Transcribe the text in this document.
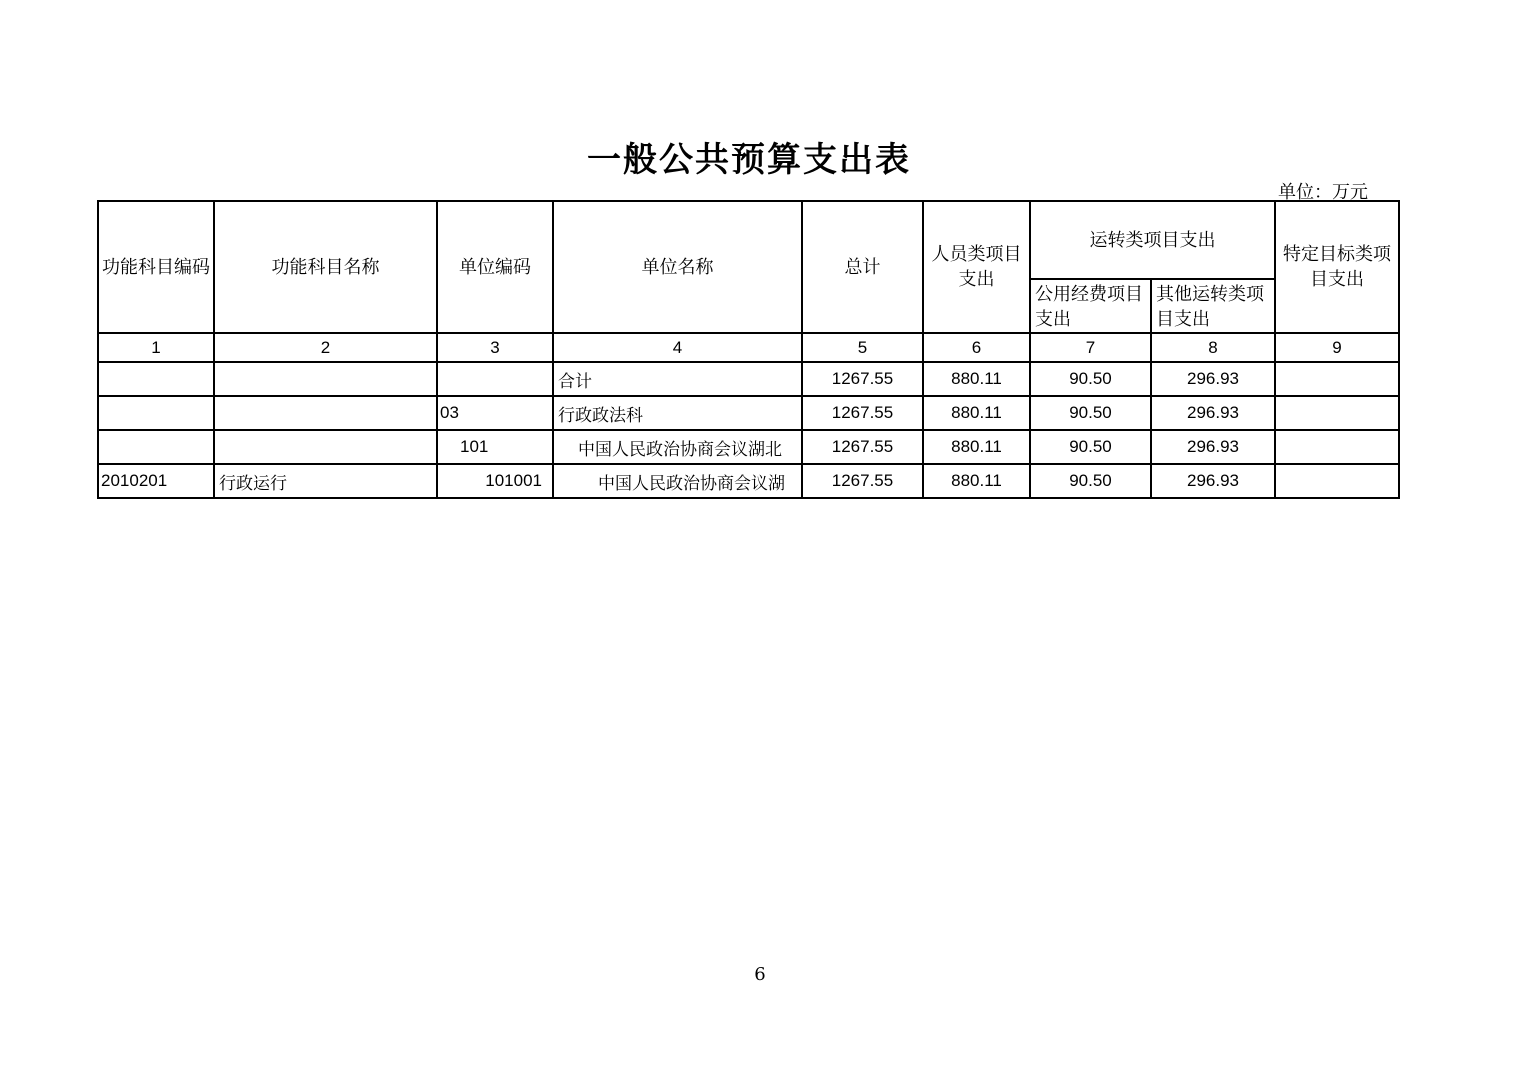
一般公共预算支出表
单位：万元
功能科目编码	功能科目名称	单位编码	单位名称	总计	人员类项目支出	运转类项目支出		特定目标类项目支出
						公用经费项目支出	其他运转类项目支出	
1	2	3	4	5	6	7	8	9
			合计	1267.55	880.11	90.50	296.93	
		03	行政政法科	1267.55	880.11	90.50	296.93	
		101	中国人民政治协商会议湖北	1267.55	880.11	90.50	296.93	
2010201	行政运行	101001	中国人民政治协商会议湖	1267.55	880.11	90.50	296.93	
6
